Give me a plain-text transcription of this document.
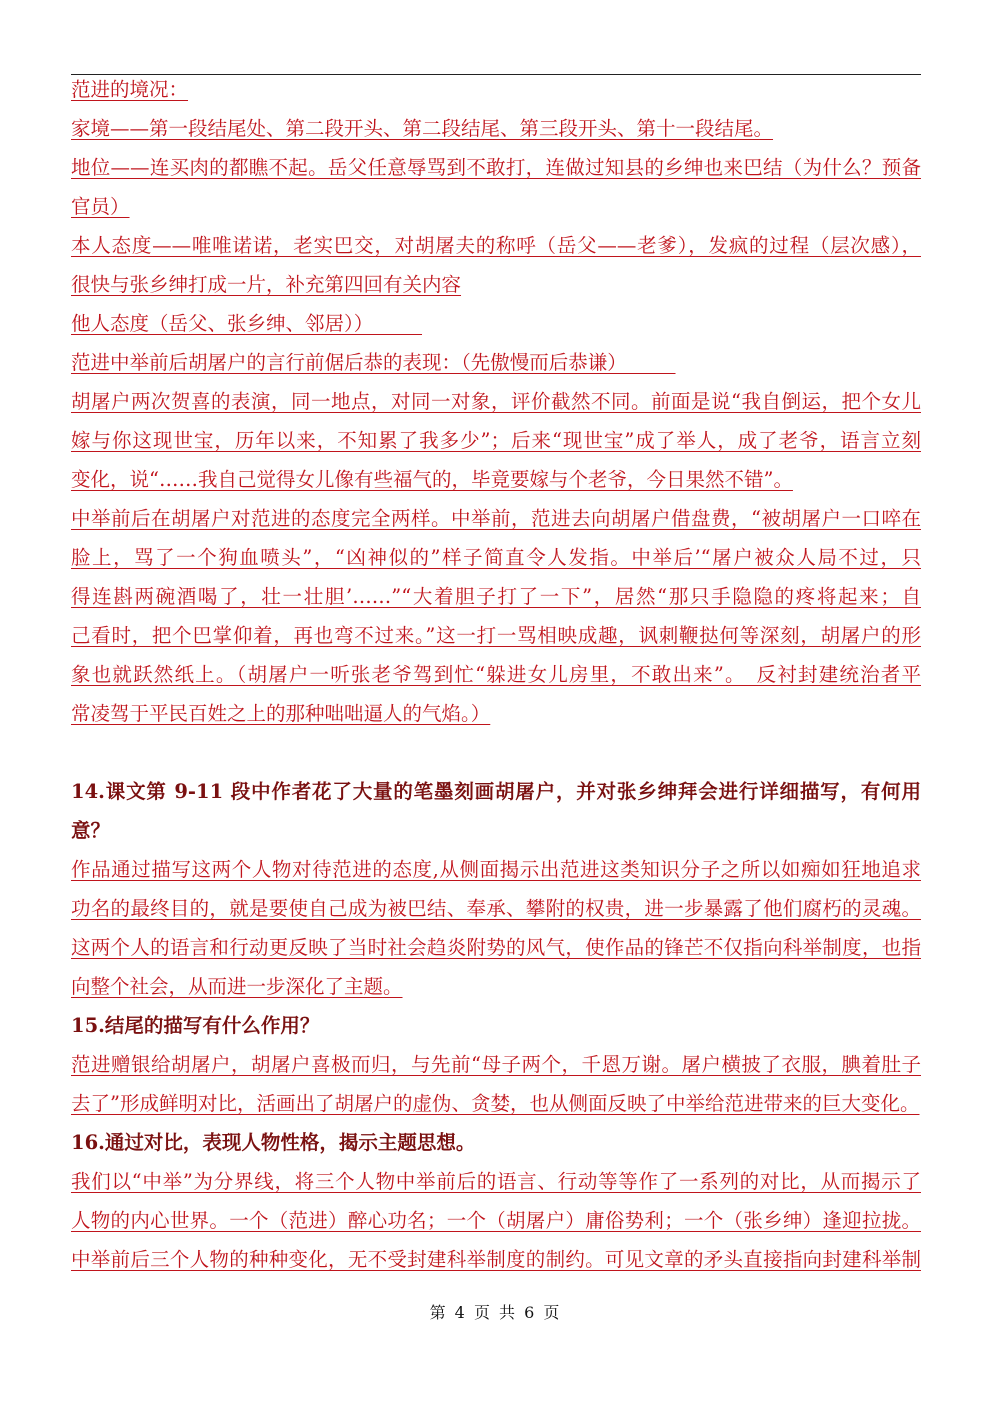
范进的境况：
家境——第一段结尾处、第二段开头、第二段结尾、第三段开头、第十一段结尾。
地位——连买肉的都瞧不起。岳父任意辱骂到不敢打，连做过知县的乡绅也来巴结（为什么？预备
官员）
本人态度——唯唯诺诺，老实巴交，对胡屠夫的称呼（岳父——老爹），发疯的过程（层次感），
很快与张乡绅打成一片，补充第四回有关内容
他人态度（岳父、张乡绅、邻居））　　　
范进中举前后胡屠户的言行前倨后恭的表现：（先傲慢而后恭谦）　　　
胡屠户两次贺喜的表演，同一地点，对同一对象，评价截然不同。前面是说“我自倒运，把个女儿
嫁与你这现世宝，历年以来，不知累了我多少”；后来“现世宝”成了举人，成了老爷，语言立刻
变化，说“……我自己觉得女儿像有些福气的，毕竟要嫁与个老爷，今日果然不错”。
中举前后在胡屠户对范进的态度完全两样。中举前，范进去向胡屠户借盘费，“被胡屠户一口啐在
脸上，骂了一个狗血喷头”，“凶神似的”样子简直令人发指。中举后’“屠户被众人局不过，只
得连斟两碗酒喝了，壮一壮胆’……”“大着胆子打了一下”，居然“那只手隐隐的疼将起来；自
己看时，把个巴掌仰着，再也弯不过来。”这一打一骂相映成趣，讽刺鞭挞何等深刻，胡屠户的形
象也就跃然纸上。（胡屠户一听张老爷驾到忙“躲进女儿房里，不敢出来”。　反衬封建统治者平
常凌驾于平民百姓之上的那种咄咄逼人的气焰。）
14.课文第 9-11 段中作者花了大量的笔墨刻画胡屠户，并对张乡绅拜会进行详细描写，有何用
意？
作品通过描写这两个人物对待范进的态度,从侧面揭示出范进这类知识分子之所以如痴如狂地追求
功名的最终目的，就是要使自己成为被巴结、奉承、攀附的权贵，进一步暴露了他们腐朽的灵魂。
这两个人的语言和行动更反映了当时社会趋炎附势的风气，使作品的锋芒不仅指向科举制度，也指
向整个社会，从而进一步深化了主题。
15.结尾的描写有什么作用？
范进赠银给胡屠户，胡屠户喜极而归，与先前“母子两个，千恩万谢。屠户横披了衣服，腆着肚子
去了”形成鲜明对比，活画出了胡屠户的虚伪、贪婪，也从侧面反映了中举给范进带来的巨大变化。
16.通过对比，表现人物性格，揭示主题思想。
我们以“中举”为分界线，将三个人物中举前后的语言、行动等等作了一系列的对比，从而揭示了
人物的内心世界。一个（范进）醉心功名；一个（胡屠户）庸俗势利；一个（张乡绅）逢迎拉拢。
中举前后三个人物的种种变化，无不受封建科举制度的制约。可见文章的矛头直接指向封建科举制
第 4 页 共 6 页
